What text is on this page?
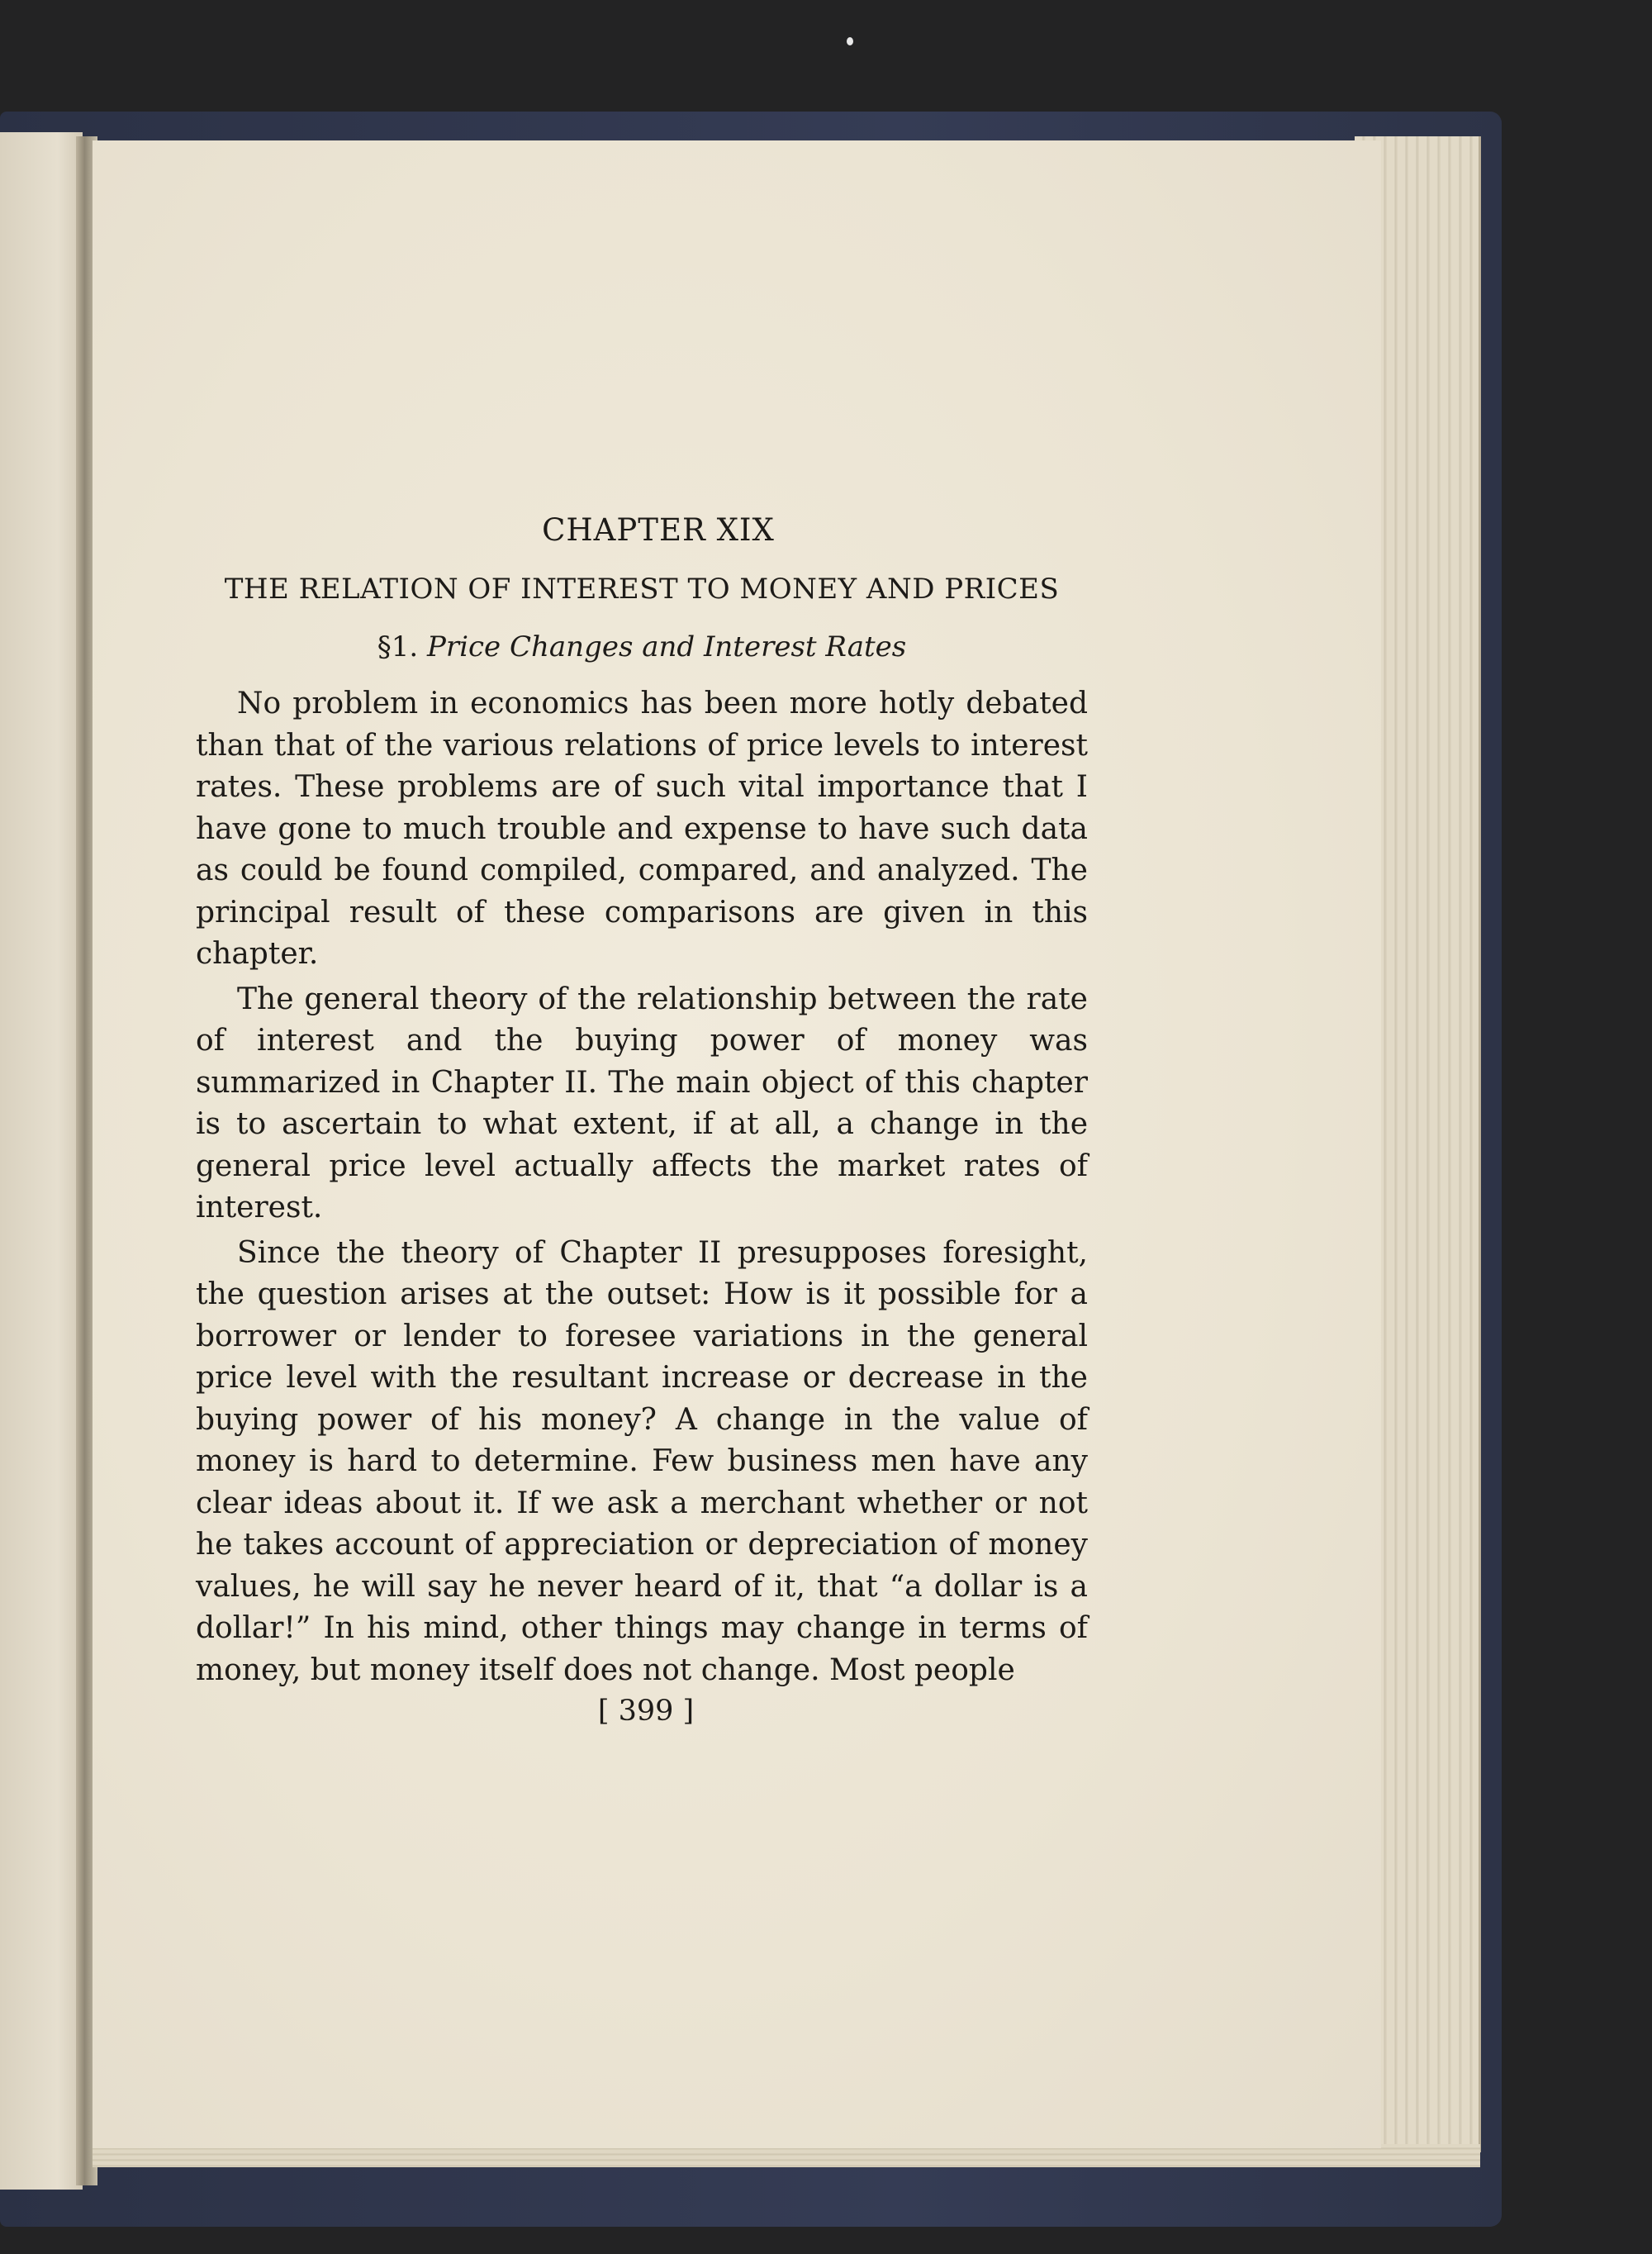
CHAPTER XIX
THE RELATION OF INTEREST TO MONEY AND PRICES
§1. Price Changes and Interest Rates

No problem in economics has been more hotly debated than that of the various relations of price levels to interest rates. These problems are of such vital importance that I have gone to much trouble and expense to have such data as could be found compiled, compared, and analyzed. The principal result of these comparisons are given in this chapter.

The general theory of the relationship between the rate of interest and the buying power of money was summarized in Chapter II. The main object of this chapter is to ascertain to what extent, if at all, a change in the general price level actually affects the market rates of interest.

Since the theory of Chapter II presupposes foresight, the question arises at the outset: How is it possible for a borrower or lender to foresee variations in the general price level with the resultant increase or decrease in the buying power of his money? A change in the value of money is hard to determine. Few business men have any clear ideas about it. If we ask a merchant whether or not he takes account of appreciation or depreciation of money values, he will say he never heard of it, that “a dollar is a dollar!” In his mind, other things may change in terms of money, but money itself does not change. Most people

[ 399 ]
